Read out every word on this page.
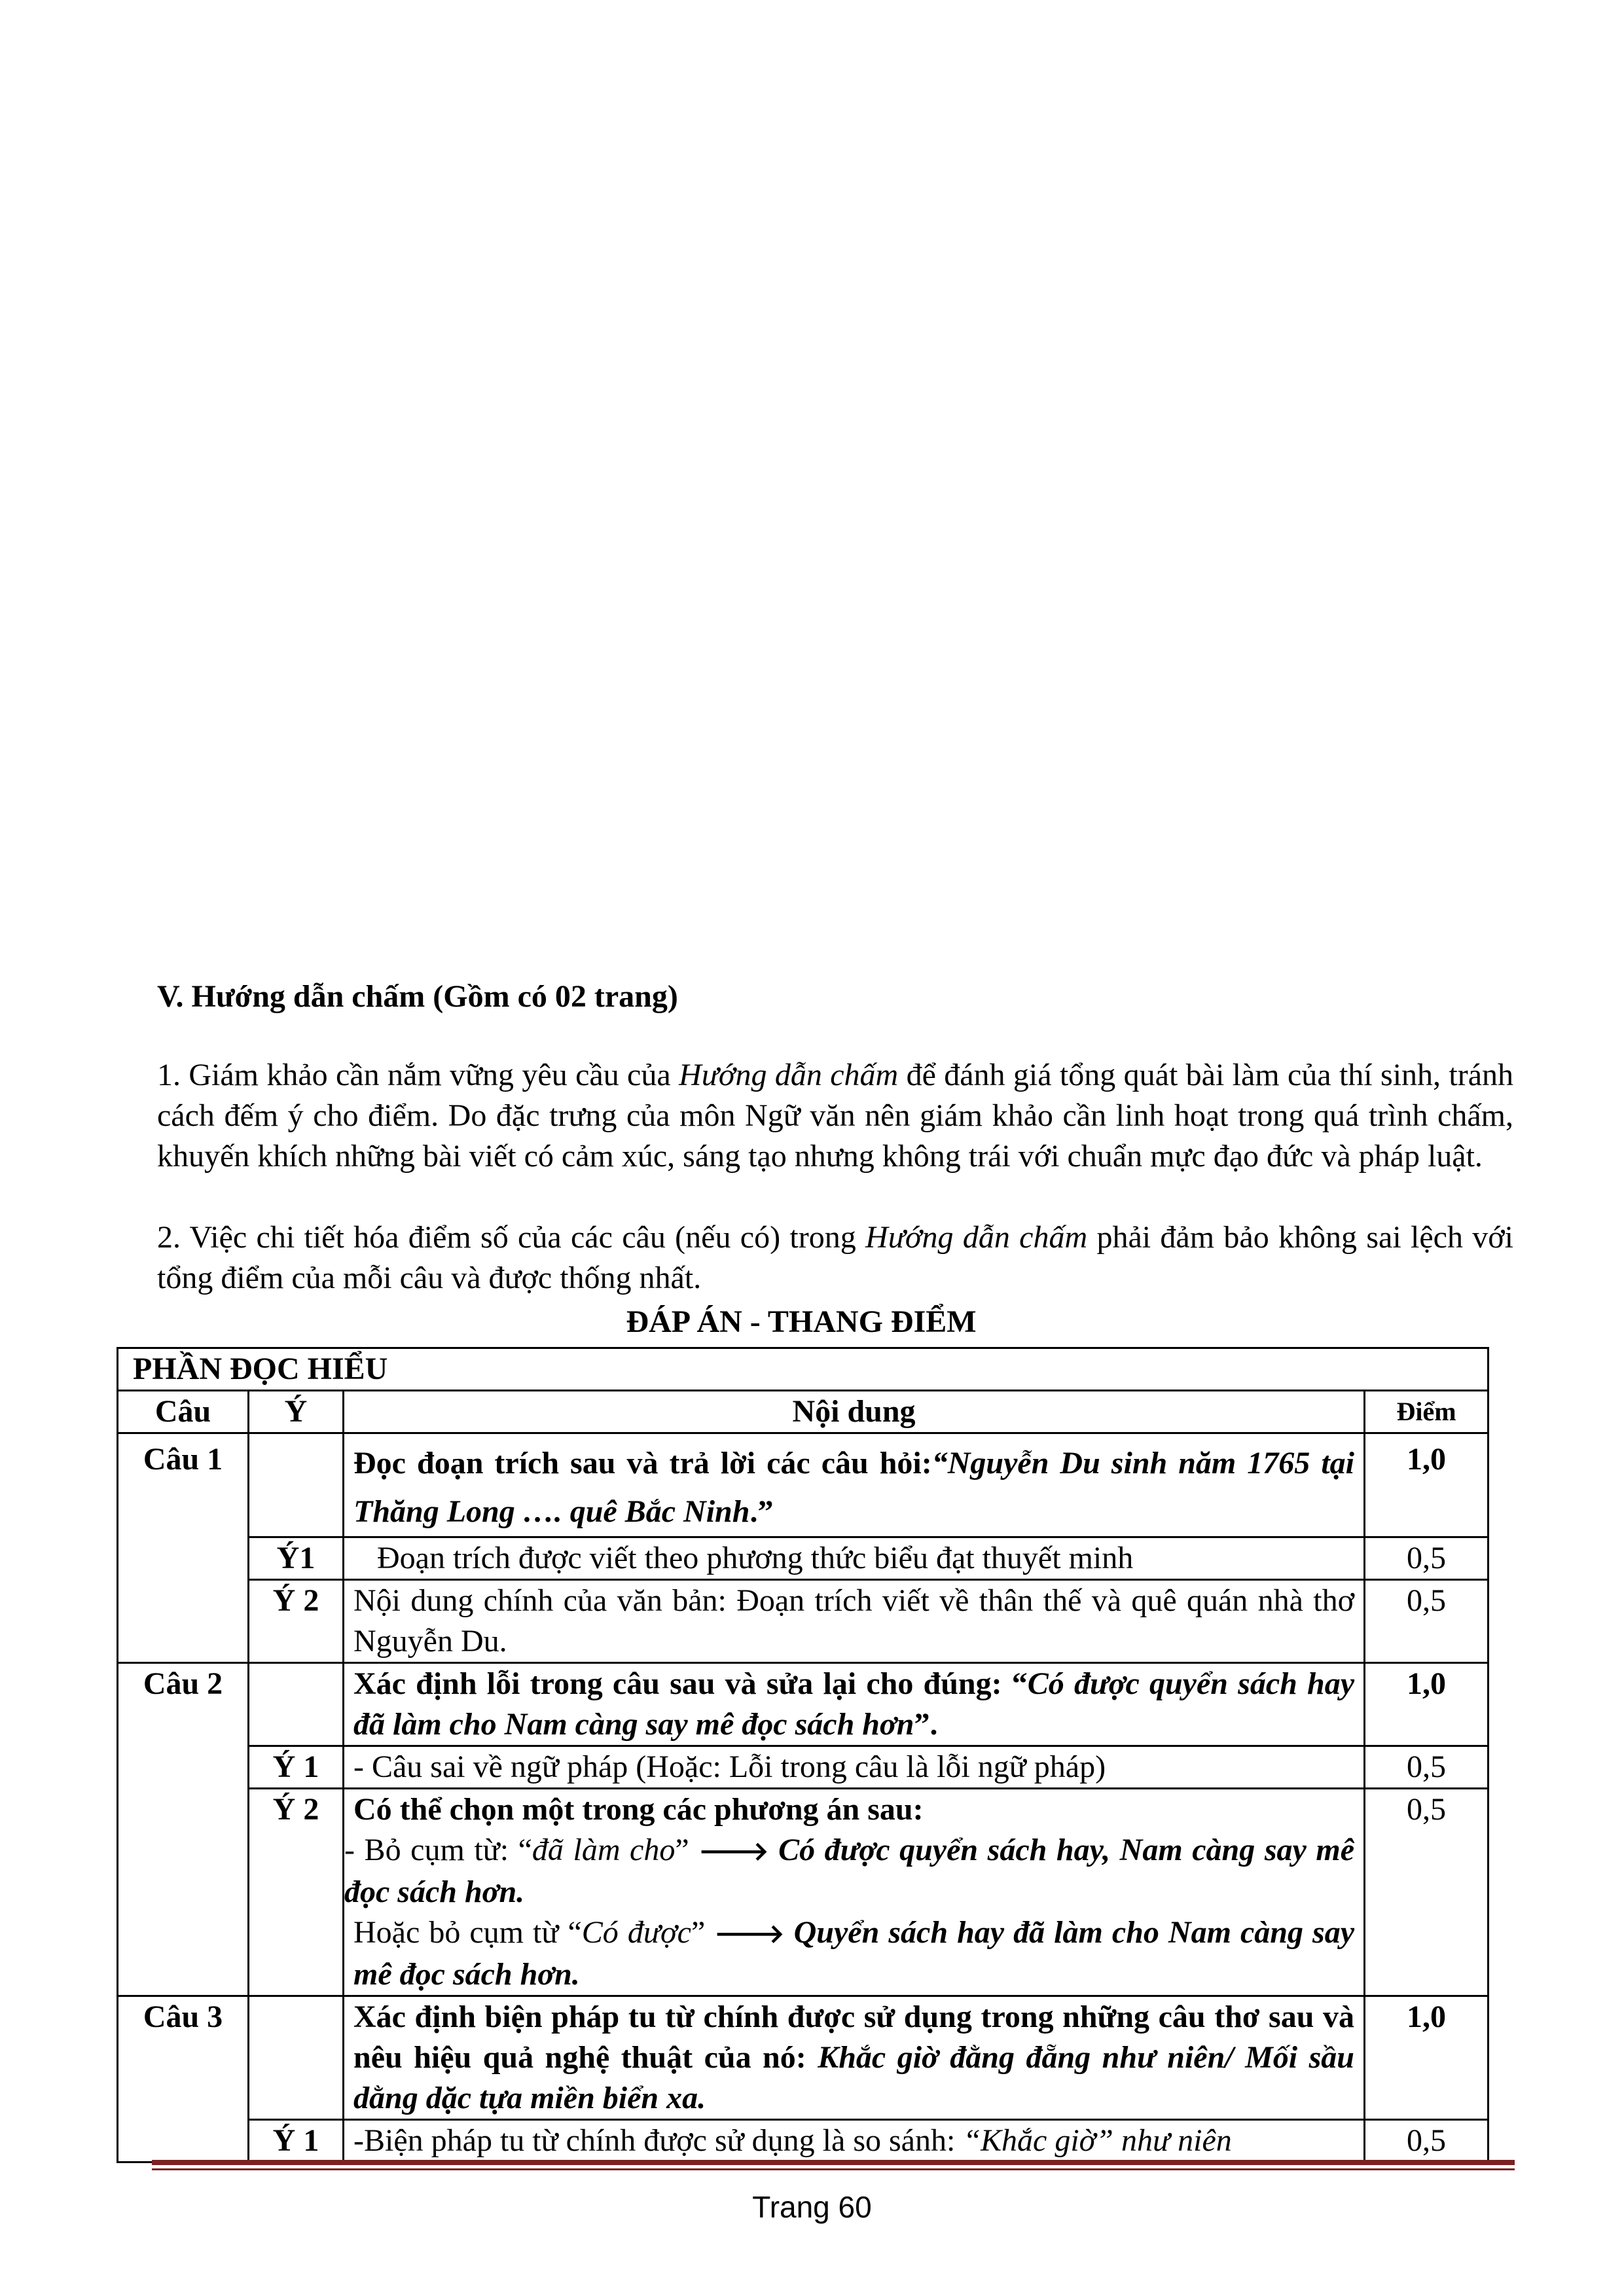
V. Hướng dẫn chấm (Gồm có 02 trang)
1. Giám khảo cần nắm vững yêu cầu của Hướng dẫn chấm để đánh giá tổng quát bài làm của thí sinh, tránh cách đếm ý cho điểm. Do đặc trưng của môn Ngữ văn nên giám khảo cần linh hoạt trong quá trình chấm, khuyến khích những bài viết có cảm xúc, sáng tạo nhưng không trái với chuẩn mực đạo đức và pháp luật.
2. Việc chi tiết hóa điểm số của các câu (nếu có) trong Hướng dẫn chấm phải đảm bảo không sai lệch với tổng điểm của mỗi câu và được thống nhất.
ĐÁP ÁN - THANG ĐIỂM
PHẦN ĐỌC HIỂU			
Câu	Ý	Nội dung	Điểm
Câu 1		Đọc đoạn trích sau và trả lời các câu hỏi:“Nguyễn Du sinh năm 1765 tại Thăng Long …. quê Bắc Ninh.”	1,0
	Ý1	Đoạn trích được viết theo phương thức biểu đạt thuyết minh	0,5
	Ý 2	Nội dung chính của văn bản: Đoạn trích viết về thân thế và quê quán nhà thơ Nguyễn Du.	0,5
Câu 2		Xác định lỗi trong câu sau và sửa lại cho đúng: “Có được quyển sách hay đã làm cho Nam càng say mê đọc sách hơn”.	1,0
	Ý 1	- Câu sai về ngữ pháp (Hoặc: Lỗi trong câu là lỗi ngữ pháp)	0,5
	Ý 2	Có thể chọn một trong các phương án sau:
- Bỏ cụm từ: “đã làm cho” 🡒 Có được quyển sách hay, Nam càng say mê đọc sách hơn.
Hoặc bỏ cụm từ “Có được” 🡒 Quyển sách hay đã làm cho Nam càng say mê đọc sách hơn.	0,5
Câu 3		Xác định biện pháp tu từ chính được sử dụng trong những câu thơ sau và nêu hiệu quả nghệ thuật của nó: Khắc giờ đằng đẵng như niên/ Mối sầu dằng dặc tựa miền biển xa.	1,0
	Ý 1	-Biện pháp tu từ chính được sử dụng là so sánh: “Khắc giờ” như niên	0,5
Trang 60
